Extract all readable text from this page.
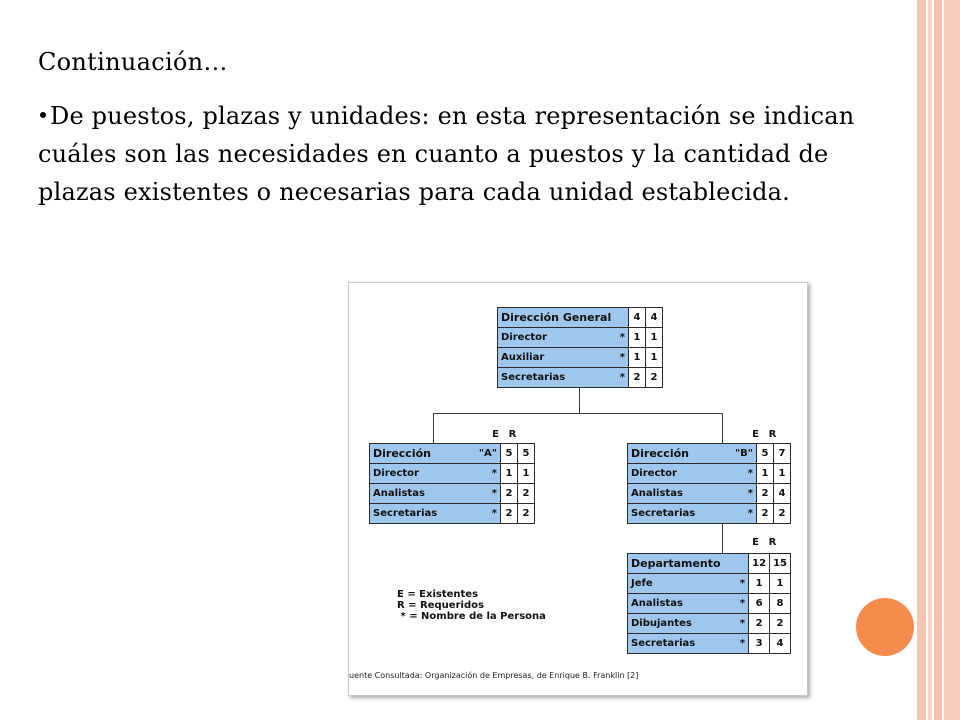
Continuación…
De puestos, plazas y unidades: en esta representación se indican cuáles son las necesidades en cuanto a puestos y la cantidad de plazas existentes o necesarias para cada unidad establecida.
E R	E R
E R
Dirección General		4	4
Director	*	1	1
Auxiliar	*	1	1
Secretarias	*	2	2
Dirección	"A"	5	5
Director	*	1	1
Analistas	*	2	2
Secretarias	*	2	2
Dirección	"B"	5	7
Director	*	1	1
Analistas	*	2	4
Secretarias	*	2	2
Departamento		12	15
Jefe	*	1	1
Analistas	*	6	8
Dibujantes	*	2	2
Secretarias	*	3	4
E = Existentes
R = Requeridos
* = Nombre de la Persona
uente Consultada: Organización de Empresas, de Enrique B. Franklin [2]
